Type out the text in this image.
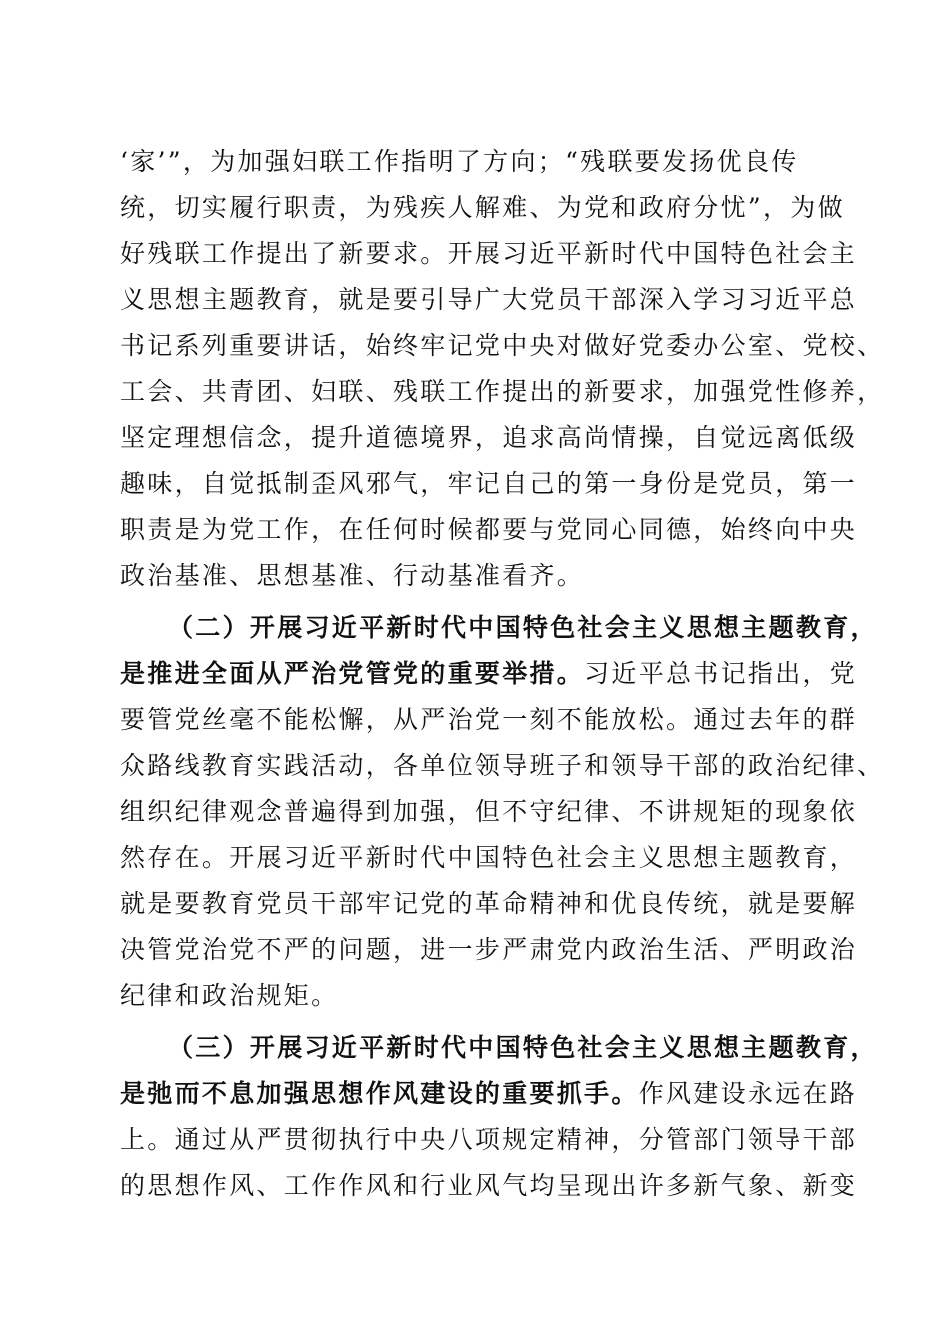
‘家’”，为加强妇联工作指明了方向；“残联要发扬优良传
统，切实履行职责，为残疾人解难、为党和政府分忧”，为做
好残联工作提出了新要求。开展习近平新时代中国特色社会主
义思想主题教育，就是要引导广大党员干部深入学习习近平总
书记系列重要讲话，始终牢记党中央对做好党委办公室、党校、
工会、共青团、妇联、残联工作提出的新要求，加强党性修养，
坚定理想信念，提升道德境界，追求高尚情操，自觉远离低级
趣味，自觉抵制歪风邪气，牢记自己的第一身份是党员，第一
职责是为党工作，在任何时候都要与党同心同德，始终向中央
政治基准、思想基准、行动基准看齐。
（二）开展习近平新时代中国特色社会主义思想主题教育，
是推进全面从严治党管党的重要举措。习近平总书记指出，党
要管党丝毫不能松懈，从严治党一刻不能放松。通过去年的群
众路线教育实践活动，各单位领导班子和领导干部的政治纪律、
组织纪律观念普遍得到加强，但不守纪律、不讲规矩的现象依
然存在。开展习近平新时代中国特色社会主义思想主题教育，
就是要教育党员干部牢记党的革命精神和优良传统，就是要解
决管党治党不严的问题，进一步严肃党内政治生活、严明政治
纪律和政治规矩。
（三）开展习近平新时代中国特色社会主义思想主题教育，
是弛而不息加强思想作风建设的重要抓手。作风建设永远在路
上。通过从严贯彻执行中央八项规定精神，分管部门领导干部
的思想作风、工作作风和行业风气均呈现出许多新气象、新变
